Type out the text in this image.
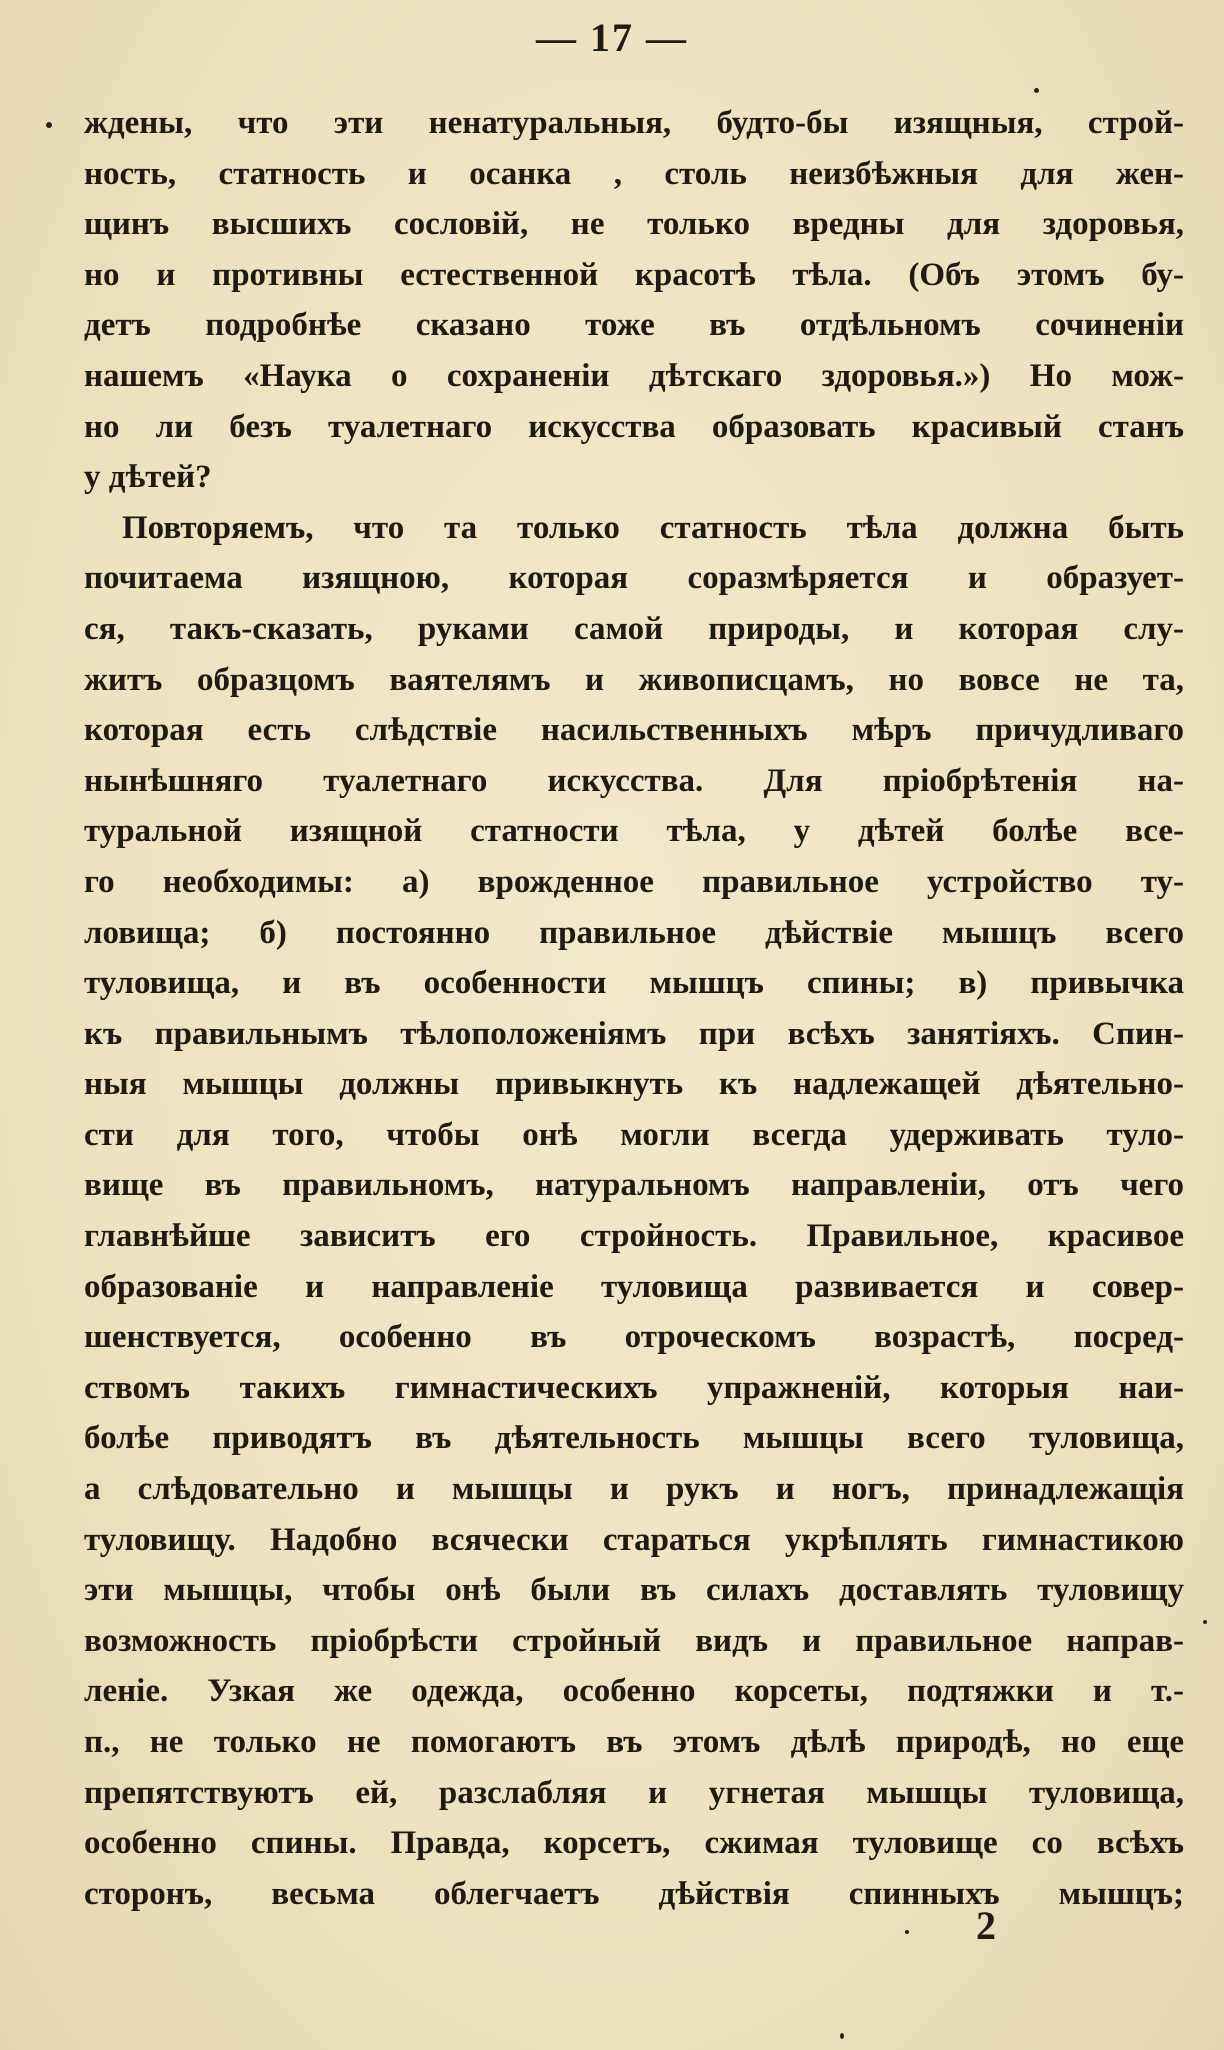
— 17 —
ждены, что эти ненатуральныя, будто-бы изящныя, строй-
ность, статность и осанка , столь неизбѣжныя для жен-
щинъ высшихъ сословій, не только вредны для здоровья,
но и противны естественной красотѣ тѣла. (Объ этомъ бу-
детъ подробнѣе сказано тоже въ отдѣльномъ сочиненіи
нашемъ «Наука о сохраненіи дѣтскаго здоровья.») Но мож-
но ли безъ туалетнаго искусства образовать красивый станъ
у дѣтей?
Повторяемъ, что та только статность тѣла должна быть
почитаема изящною, которая соразмѣряется и образует-
ся, такъ-сказать, руками самой природы, и которая слу-
житъ образцомъ ваятелямъ и живописцамъ, но вовсе не та,
которая есть слѣдствіе насильственныхъ мѣръ причудливаго
нынѣшняго туалетнаго искусства. Для пріобрѣтенія на-
туральной изящной статности тѣла, у дѣтей болѣе все-
го необходимы: а) врожденное правильное устройство ту-
ловища; б) постоянно правильное дѣйствіе мышцъ всего
туловища, и въ особенности мышцъ спины; в) привычка
къ правильнымъ тѣлоположеніямъ при всѣхъ занятіяхъ. Спин-
ныя мышцы должны привыкнуть къ надлежащей дѣятельно-
сти для того, чтобы онѣ могли всегда удерживать туло-
вище въ правильномъ, натуральномъ направленіи, отъ чего
главнѣйше зависитъ его стройность. Правильное, красивое
образованіе и направленіе туловища развивается и совер-
шенствуется, особенно въ отроческомъ возрастѣ, посред-
ствомъ такихъ гимнастическихъ упражненій, которыя наи-
болѣе приводятъ въ дѣятельность мышцы всего туловища,
а слѣдовательно и мышцы и рукъ и ногъ, принадлежащія
туловищу. Надобно всячески стараться укрѣплять гимнастикою
эти мышцы, чтобы онѣ были въ силахъ доставлять туловищу
возможность пріобрѣсти стройный видъ и правильное направ-
леніе. Узкая же одежда, особенно корсеты, подтяжки и т.-
п., не только не помогаютъ въ этомъ дѣлѣ природѣ, но еще
препятствуютъ ей, разслабляя и угнетая мышцы туловища,
особенно спины. Правда, корсетъ, сжимая туловище со всѣхъ
сторонъ, весьма облегчаетъ дѣйствія спинныхъ мышцъ;
2
